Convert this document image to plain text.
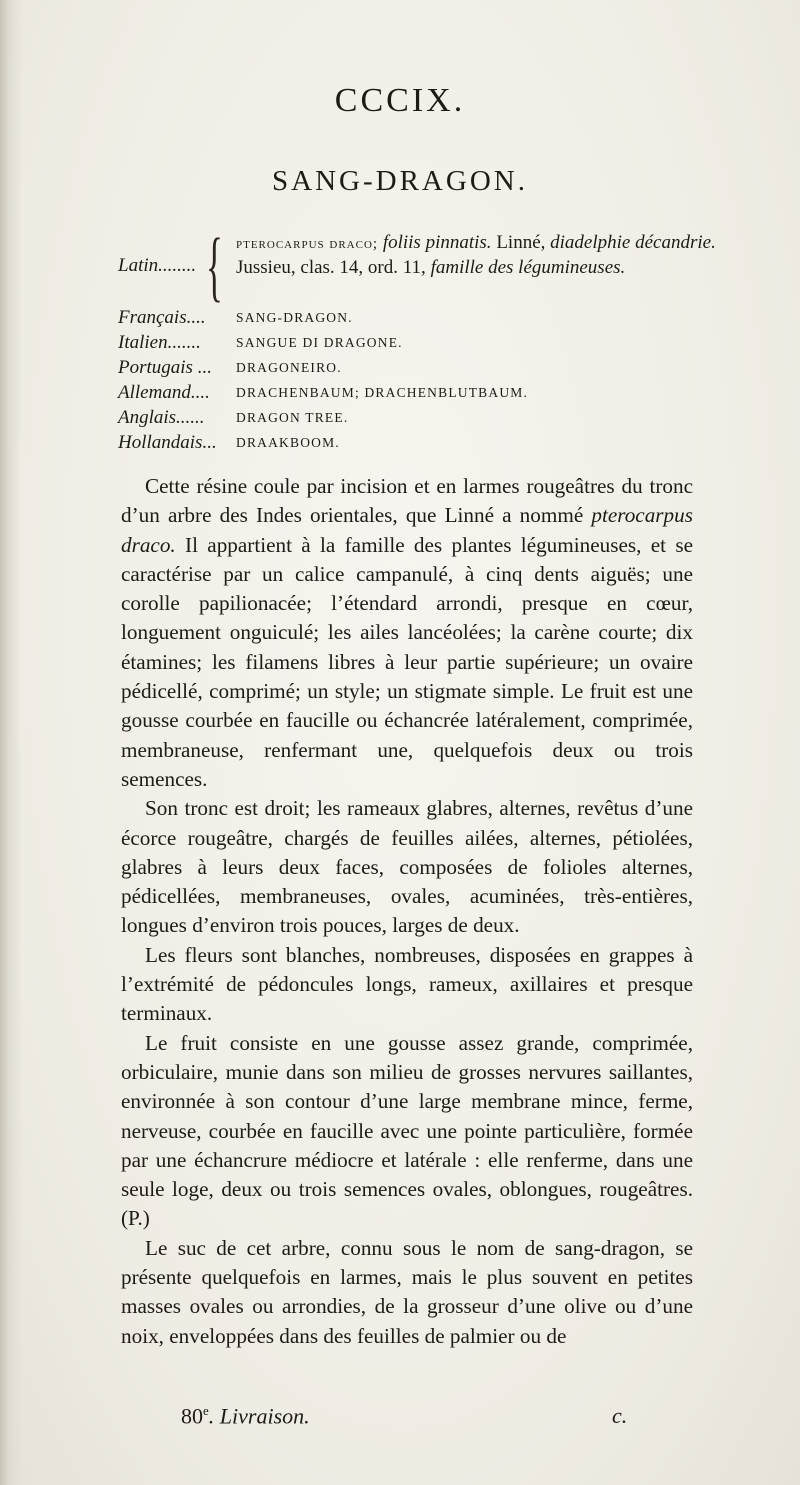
CCCIX.
SANG-DRAGON.
Latin........ { pterocarpus draco; foliis pinnatis. Linné, diadelphie décandrie. Jussieu, clas. 14, ord. 11, famille des légumineuses.
Français.... SANG-DRAGON.
Italien.......	SANGUE DI DRAGONE.
Portugais ... DRAGONEIRO.
Allemand.... DRACHENBAUM; DRACHENBLUTBAUM.
Anglais...... DRAGON TREE.
Hollandais... DRAAKBOOM.

Cette résine coule par incision et en larmes rougeâtres du tronc d’un arbre des Indes orientales, que Linné a nommé pterocarpus draco. Il appartient à la famille des plantes légumineuses, et se caractérise par un calice campanulé, à cinq dents aiguës; une corolle papilionacée; l’étendard arrondi, presque en cœur, longuement onguiculé; les ailes lancéolées; la carène courte; dix étamines; les filamens libres à leur partie supérieure; un ovaire pédicellé, comprimé; un style; un stigmate simple. Le fruit est une gousse courbée en faucille ou échancrée latéralement, comprimée, membraneuse, renfermant une, quelquefois deux ou trois semences.

Son tronc est droit; les rameaux glabres, alternes, revêtus d’une écorce rougeâtre, chargés de feuilles ailées, alternes, pétiolées, glabres à leurs deux faces, composées de folioles alternes, pédicellées, membraneuses, ovales, acuminées, très-entières, longues d’environ trois pouces, larges de deux.

Les fleurs sont blanches, nombreuses, disposées en grappes à l’extrémité de pédoncules longs, rameux, axillaires et presque terminaux.

Le fruit consiste en une gousse assez grande, comprimée, orbiculaire, munie dans son milieu de grosses nervures saillantes, environnée à son contour d’une large membrane mince, ferme, nerveuse, courbée en faucille avec une pointe particulière, formée par une échancrure médiocre et latérale : elle renferme, dans une seule loge, deux ou trois semences ovales, oblongues, rougeâtres. (P.)

Le suc de cet arbre, connu sous le nom de sang-dragon, se présente quelquefois en larmes, mais le plus souvent en petites masses ovales ou arrondies, de la grosseur d’une olive ou d’une noix, enveloppées dans des feuilles de palmier ou de

80e. Livraison.	c.
